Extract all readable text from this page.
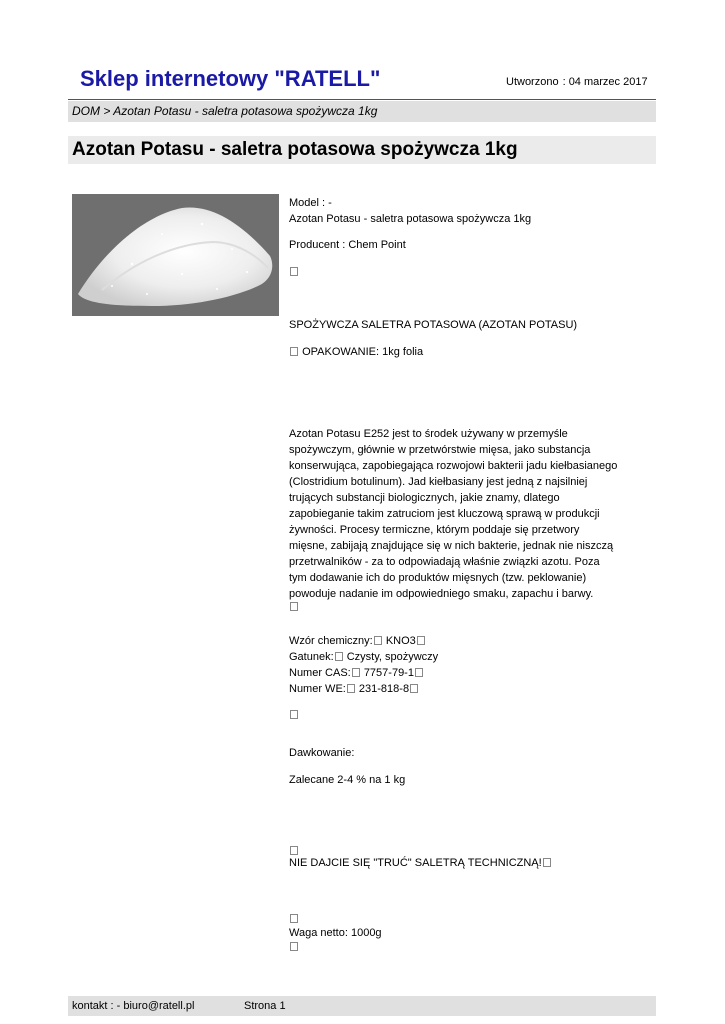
Sklep internetowy "RATELL"	Utworzono : 04 marzec 2017
DOM > Azotan Potasu - saletra potasowa spożywcza 1kg
Azotan Potasu - saletra potasowa spożywcza 1kg
Model : -
Azotan Potasu - saletra potasowa spożywcza 1kg
Producent : Chem Point
SPOŻYWCZA SALETRA POTASOWA (AZOTAN POTASU)
OPAKOWANIE: 1kg folia
Azotan Potasu E252 jest to środek używany w przemyśle
spożywczym, głównie w przetwórstwie mięsa, jako substancja
konserwująca, zapobiegająca rozwojowi bakterii jadu kiełbasianego
(Clostridium botulinum). Jad kiełbasiany jest jedną z najsilniej
trujących substancji biologicznych, jakie znamy, dlatego
zapobieganie takim zatruciom jest kluczową sprawą w produkcji
żywności. Procesy termiczne, którym poddaje się przetwory
mięsne, zabijają znajdujące się w nich bakterie, jednak nie niszczą
przetrwalników - za to odpowiadają właśnie związki azotu. Poza
tym dodawanie ich do produktów mięsnych (tzw. peklowanie)
powoduje nadanie im odpowiedniego smaku, zapachu i barwy.
Wzór chemiczny: KNO3
Gatunek: Czysty, spożywczy
Numer CAS: 7757-79-1
Numer WE: 231-818-8
Dawkowanie:
Zalecane 2-4 % na 1 kg
NIE DAJCIE SIĘ "TRUĆ" SALETRĄ TECHNICZNĄ!
Waga netto: 1000g
kontakt : - biuro@ratell.pl	Strona 1
